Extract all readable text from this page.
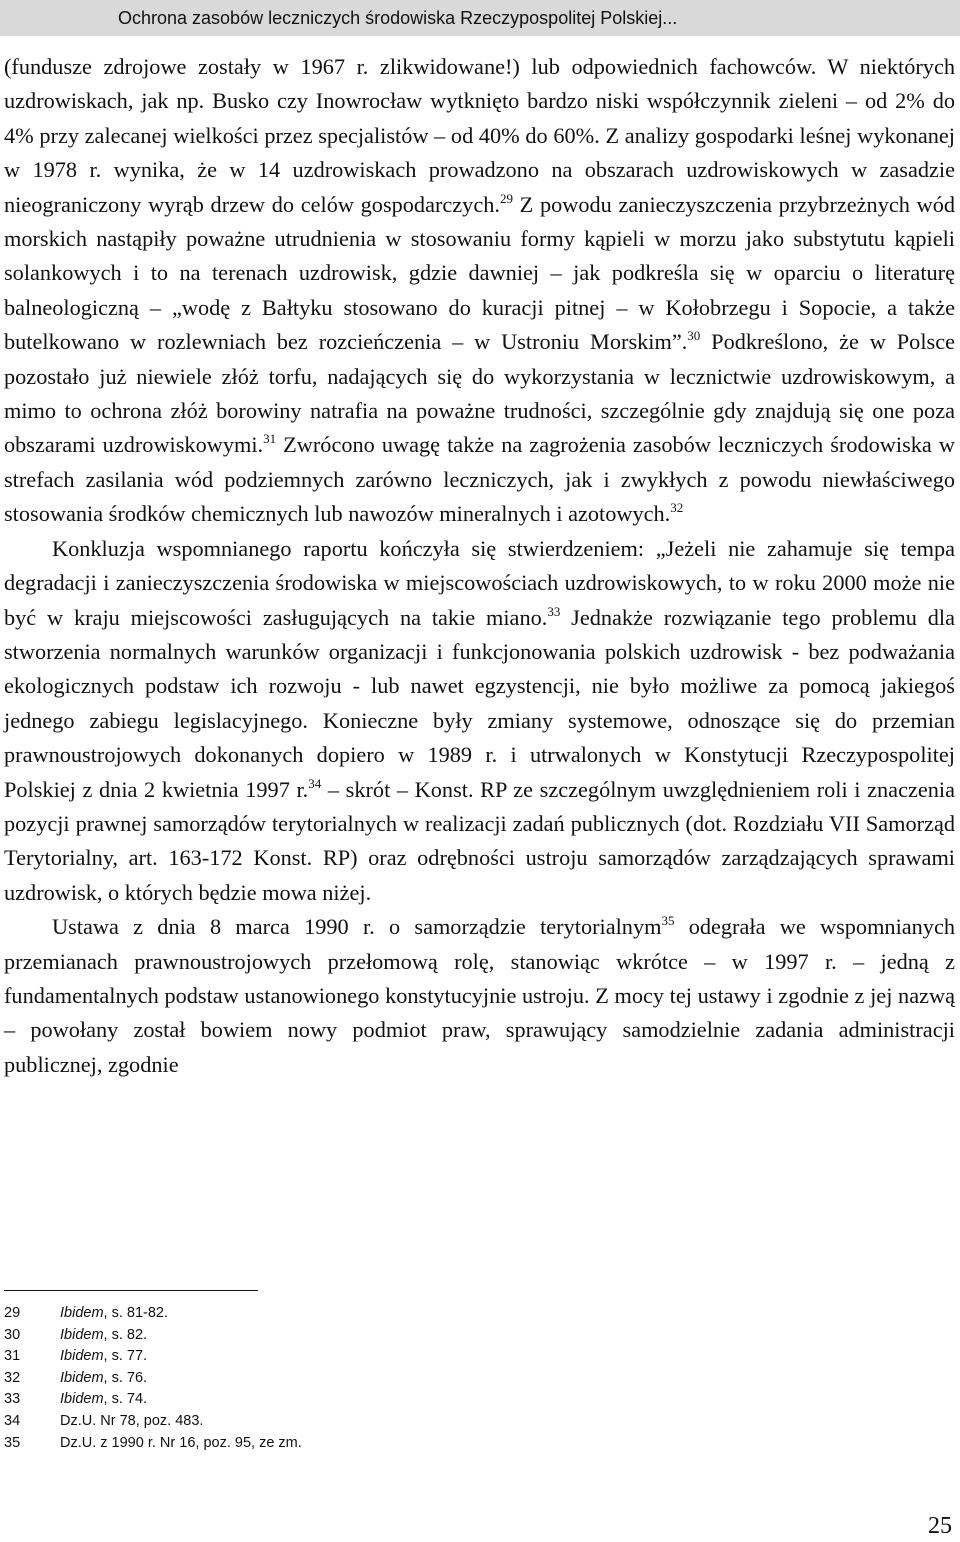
Ochrona zasobów leczniczych środowiska Rzeczypospolitej Polskiej...

(fundusze zdrojowe zostały w 1967 r. zlikwidowane!) lub odpowiednich fachowców. W niektórych uzdrowiskach, jak np. Busko czy Inowrocław wytknięto bardzo niski współczynnik zieleni – od 2% do 4% przy zalecanej wielkości przez specjalistów – od 40% do 60%. Z analizy gospodarki leśnej wykonanej w 1978 r. wynika, że w 14 uzdrowiskach prowadzono na obszarach uzdrowiskowych w zasadzie nieograniczony wyrąb drzew do celów gospodarczych.$^{29}$ Z powodu zanieczyszczenia przybrzeżnych wód morskich nastąpiły poważne utrudnienia w stosowaniu formy kąpieli w morzu jako substytutu kąpieli solankowych i to na terenach uzdrowisk, gdzie dawniej – jak podkreśla się w oparciu o literaturę balneologiczną – „wodę z Bałtyku stosowano do kuracji pitnej – w Kołobrzegu i Sopocie, a także butelkowano w rozlewniach bez rozcieńczenia – w Ustroniu Morskim”.$^{30}$ Podkreślono, że w Polsce pozostało już niewiele złóż torfu, nadających się do wykorzystania w lecznictwie uzdrowiskowym, a mimo to ochrona złóż borowiny natrafia na poważne trudności, szczególnie gdy znajdują się one poza obszarami uzdrowiskowymi.$^{31}$ Zwrócono uwagę także na zagrożenia zasobów leczniczych środowiska w strefach zasilania wód podziemnych zarówno leczniczych, jak i zwykłych z powodu niewłaściwego stosowania środków chemicznych lub nawozów mineralnych i azotowych.$^{32}$

Konkluzja wspomnianego raportu kończyła się stwierdzeniem: „Jeżeli nie zahamuje się tempa degradacji i zanieczyszczenia środowiska w miejscowościach uzdrowiskowych, to w roku 2000 może nie być w kraju miejscowości zasługujących na takie miano.$^{33}$ Jednakże rozwiązanie tego problemu dla stworzenia normalnych warunków organizacji i funkcjonowania polskich uzdrowisk - bez podważania ekologicznych podstaw ich rozwoju - lub nawet egzystencji, nie było możliwe za pomocą jakiegoś jednego zabiegu legislacyjnego. Konieczne były zmiany systemowe, odnoszące się do przemian prawnoustrojowych dokonanych dopiero w 1989 r. i utrwalonych w Konstytucji Rzeczypospolitej Polskiej z dnia 2 kwietnia 1997 r.$^{34}$ – skrót – Konst. RP ze szczególnym uwzględnieniem roli i znaczenia pozycji prawnej samorządów terytorialnych w realizacji zadań publicznych (dot. Rozdziału VII Samorząd Terytorialny, art. 163-172 Konst. RP) oraz odrębności ustroju samorządów zarządzających sprawami uzdrowisk, o których będzie mowa niżej.

Ustawa z dnia 8 marca 1990 r. o samorządzie terytorialnym$^{35}$ odegrała we wspomnianych przemianach prawnoustrojowych przełomową rolę, stanowiąc wkrótce – w 1997 r. – jedną z fundamentalnych podstaw ustanowionego konstytucyjnie ustroju. Z mocy tej ustawy i zgodnie z jej nazwą – powołany został bowiem nowy podmiot praw, sprawujący samodzielnie zadania administracji publicznej, zgodnie

29	Ibidem, s. 81-82.
30	Ibidem, s. 82.
31	Ibidem, s. 77.
32	Ibidem, s. 76.
33	Ibidem, s. 74.
34	Dz.U. Nr 78, poz. 483.
35	Dz.U. z 1990 r. Nr 16, poz. 95, ze zm.
25
